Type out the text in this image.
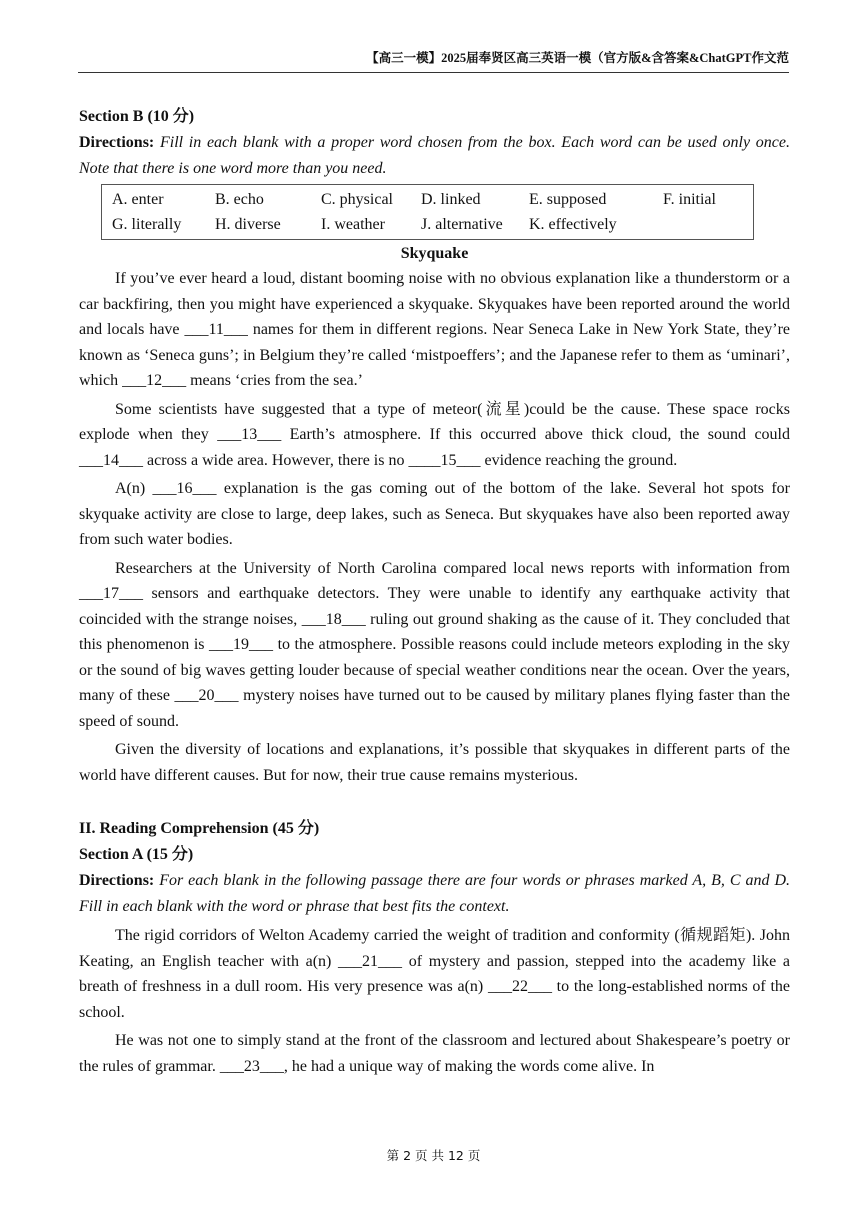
【高三一模】2025届奉贤区高三英语一模（官方版&含答案&ChatGPT作文范

Section B (10 分)

Directions: Fill in each blank with a proper word chosen from the box. Each word can be used only once. Note that there is one word more than you need.

A. enter	B. echo	C. physical	D. linked	E. supposed	F. initial
G. literally	H. diverse	I. weather	J. alternative	K. effectively

Skyquake

If you’ve ever heard a loud, distant booming noise with no obvious explanation like a thunderstorm or a car backfiring, then you might have experienced a skyquake. Skyquakes have been reported around the world and locals have ___11___ names for them in different regions. Near Seneca Lake in New York State, they’re known as ‘Seneca guns’; in Belgium they’re called ‘mistpoeffers’; and the Japanese refer to them as ‘uminari’, which ___12___ means ‘cries from the sea.’

Some scientists have suggested that a type of meteor(流星)could be the cause. These space rocks explode when they ___13___ Earth’s atmosphere. If this occurred above thick cloud, the sound could ___14___ across a wide area. However, there is no ____15___ evidence reaching the ground.

A(n) ___16___ explanation is the gas coming out of the bottom of the lake. Several hot spots for skyquake activity are close to large, deep lakes, such as Seneca. But skyquakes have also been reported away from such water bodies.

Researchers at the University of North Carolina compared local news reports with information from ___17___ sensors and earthquake detectors. They were unable to identify any earthquake activity that coincided with the strange noises, ___18___ ruling out ground shaking as the cause of it. They concluded that this phenomenon is ___19___ to the atmosphere. Possible reasons could include meteors exploding in the sky or the sound of big waves getting louder because of special weather conditions near the ocean. Over the years, many of these ___20___ mystery noises have turned out to be caused by military planes flying faster than the speed of sound.

Given the diversity of locations and explanations, it’s possible that skyquakes in different parts of the world have different causes. But for now, their true cause remains mysterious.

II. Reading Comprehension (45 分)

Section A (15 分)

Directions: For each blank in the following passage there are four words or phrases marked A, B, C and D. Fill in each blank with the word or phrase that best fits the context.

The rigid corridors of Welton Academy carried the weight of tradition and conformity (循规蹈矩). John Keating, an English teacher with a(n) ___21___ of mystery and passion, stepped into the academy like a breath of freshness in a dull room. His very presence was a(n) ___22___ to the long-established norms of the school.

He was not one to simply stand at the front of the classroom and lectured about Shakespeare’s poetry or the rules of grammar. ___23___, he had a unique way of making the words come alive. In

第 2 页 共 12 页
